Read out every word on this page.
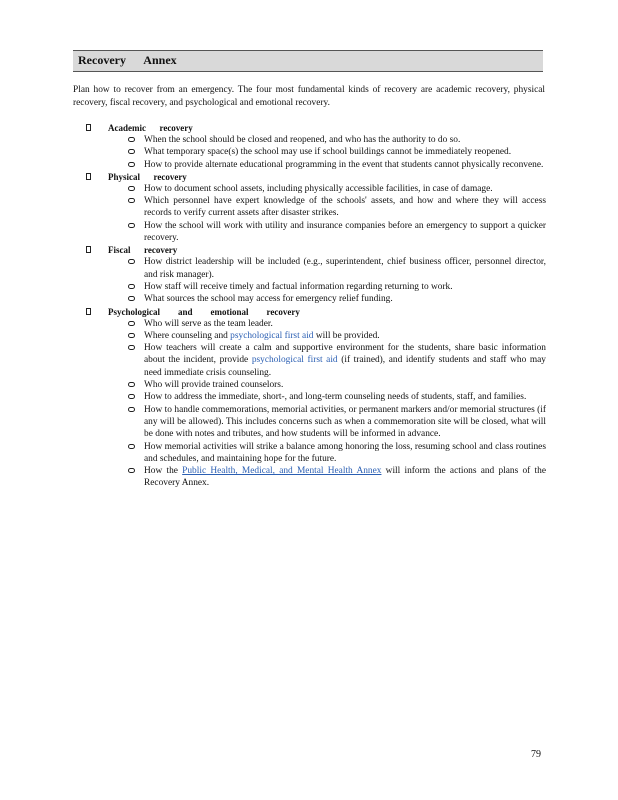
Recovery      Annex
Plan how to recover from an emergency. The four most fundamental kinds of recovery are academic recovery, physical recovery, fiscal recovery, and psychological and emotional recovery.
Academic      recovery
When the school should be closed and reopened, and who has the authority to do so.
What temporary space(s) the school may use if school buildings cannot be immediately reopened.
How to provide alternate educational programming in the event that students cannot physically reconvene.
Physical      recovery
How to document school assets, including physically accessible facilities, in case of damage.
Which personnel have expert knowledge of the schools' assets, and how and where they will access records to verify current assets after disaster strikes.
How the school will work with utility and insurance companies before an emergency to support a quicker recovery.
Fiscal      recovery
How district leadership will be included (e.g., superintendent, chief business officer, personnel director, and risk manager).
How staff will receive timely and factual information regarding returning to work.
What sources the school may access for emergency relief funding.
Psychological        and        emotional        recovery
Who will serve as the team leader.
Where counseling and psychological first aid will be provided.
How teachers will create a calm and supportive environment for the students, share basic information about the incident, provide psychological first aid (if trained), and identify students and staff who may need immediate crisis counseling.
Who will provide trained counselors.
How to address the immediate, short-, and long-term counseling needs of students, staff, and families.
How to handle commemorations, memorial activities, or permanent markers and/or memorial structures (if any will be allowed). This includes concerns such as when a commemoration site will be closed, what will be done with notes and tributes, and how students will be informed in advance.
How memorial activities will strike a balance among honoring the loss, resuming school and class routines and schedules, and maintaining hope for the future.
How the Public Health, Medical, and Mental Health Annex will inform the actions and plans of the Recovery Annex.
79
